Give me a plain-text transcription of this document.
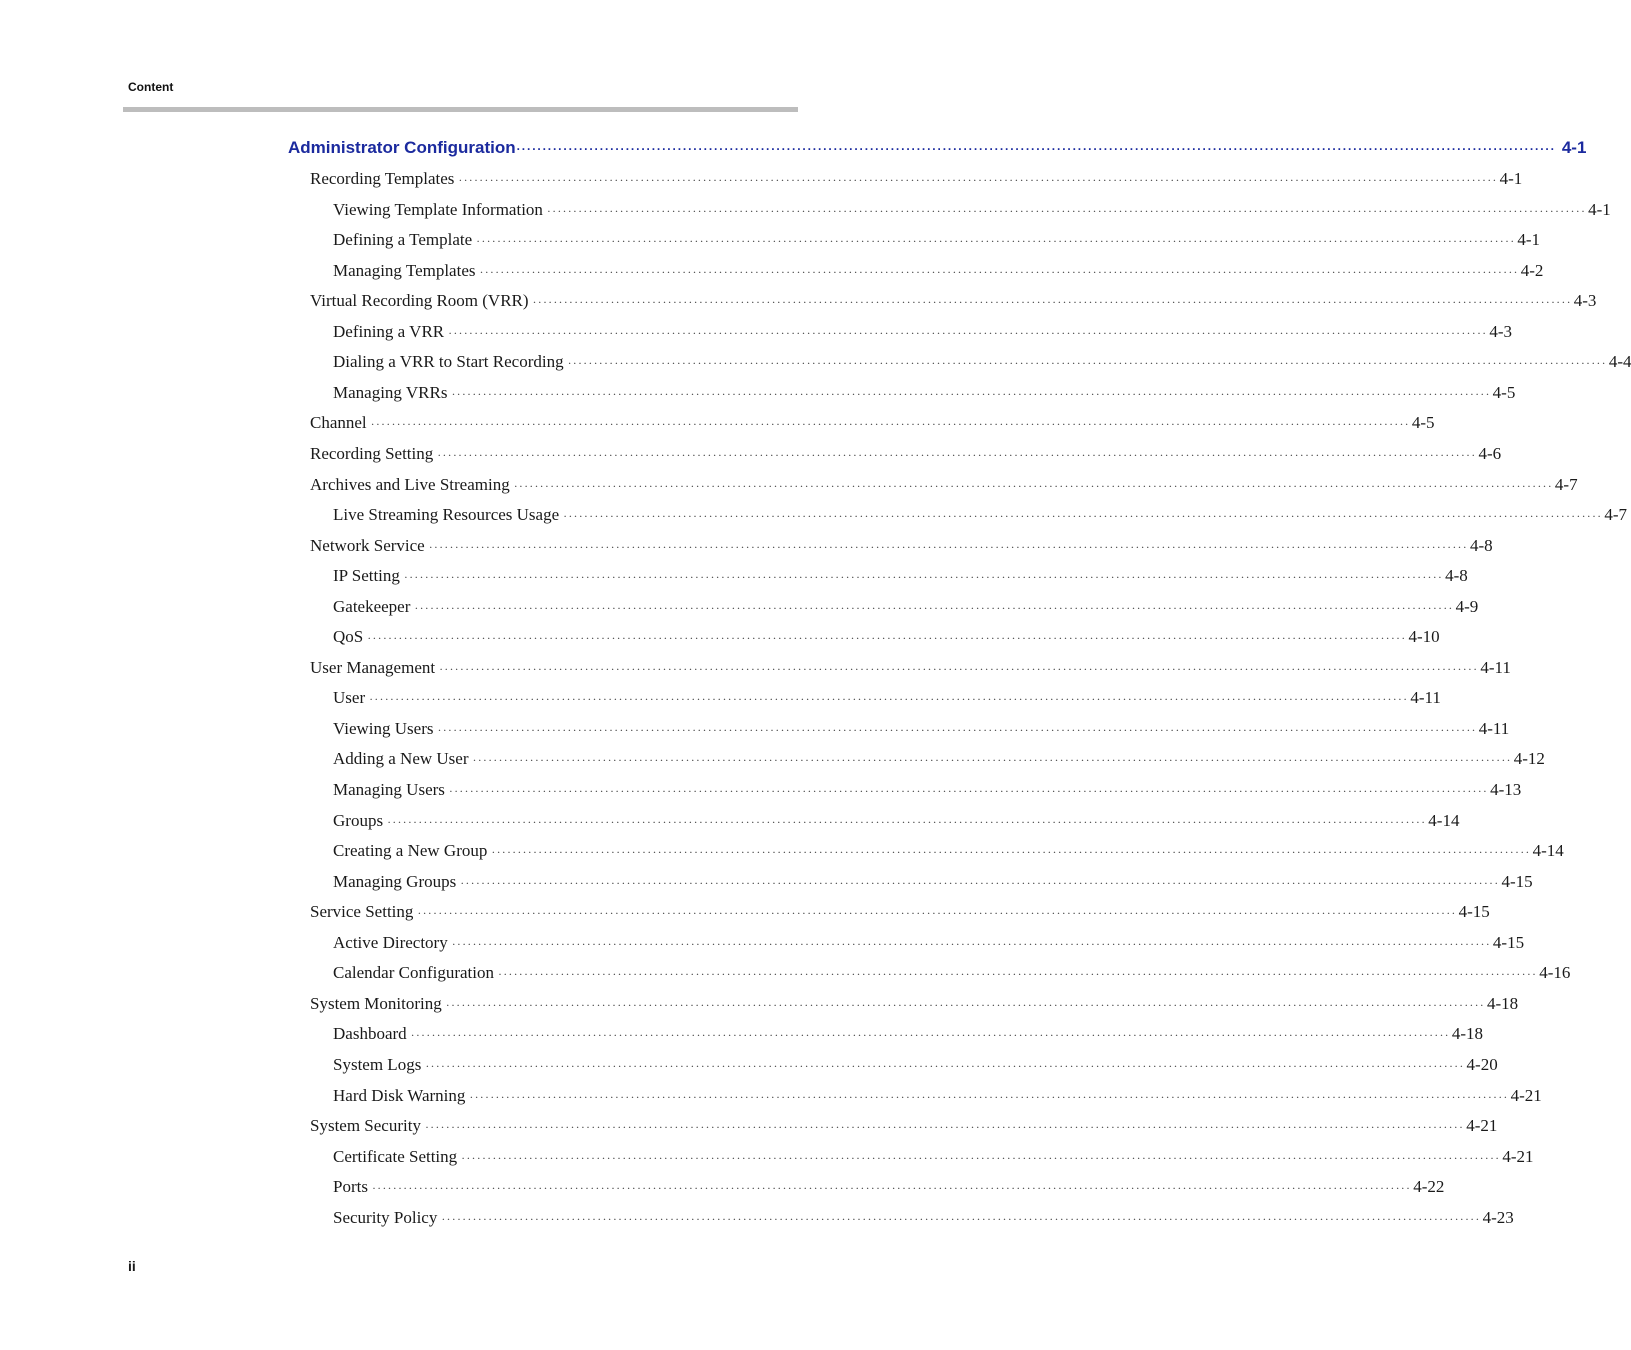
Content
Administrator Configuration ········································································································································································································ 4-1
Recording Templates ········································································································································································································ 4-1
Viewing Template Information ········································································································································································································ 4-1
Defining a Template ········································································································································································································ 4-1
Managing Templates ········································································································································································································ 4-2
Virtual Recording Room (VRR) ········································································································································································································ 4-3
Defining a VRR ········································································································································································································ 4-3
Dialing a VRR to Start Recording ········································································································································································································ 4-4
Managing VRRs ········································································································································································································ 4-5
Channel ········································································································································································································ 4-5
Recording Setting ········································································································································································································ 4-6
Archives and Live Streaming ········································································································································································································ 4-7
Live Streaming Resources Usage ········································································································································································································ 4-7
Network Service ········································································································································································································ 4-8
IP Setting ········································································································································································································ 4-8
Gatekeeper ········································································································································································································ 4-9
QoS ········································································································································································································ 4-10
User Management ········································································································································································································ 4-11
User ········································································································································································································ 4-11
Viewing Users ········································································································································································································ 4-11
Adding a New User ········································································································································································································ 4-12
Managing Users ········································································································································································································ 4-13
Groups ········································································································································································································ 4-14
Creating a New Group ········································································································································································································ 4-14
Managing Groups ········································································································································································································ 4-15
Service Setting ········································································································································································································ 4-15
Active Directory ········································································································································································································ 4-15
Calendar Configuration ········································································································································································································ 4-16
System Monitoring ········································································································································································································ 4-18
Dashboard ········································································································································································································ 4-18
System Logs ········································································································································································································ 4-20
Hard Disk Warning ········································································································································································································ 4-21
System Security ········································································································································································································ 4-21
Certificate Setting ········································································································································································································ 4-21
Ports ········································································································································································································ 4-22
Security Policy ········································································································································································································ 4-23
ii
